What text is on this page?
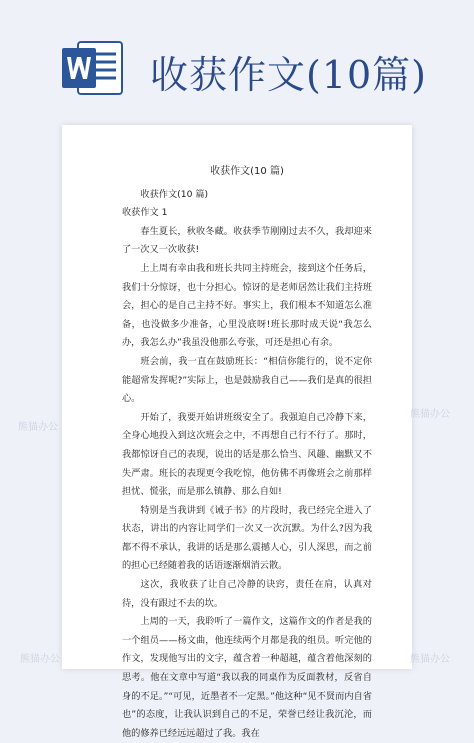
收获作文(10篇)
收获作文(10 篇)
收获作文(10 篇)
收获作文 1

春生夏长，秋收冬藏。收获季节刚刚过去不久，我却迎来了一次又一次收获!

上上周有幸由我和班长共同主持班会，接到这个任务后，我们十分惊讶，也十分担心。惊讶的是老师居然让我们主持班会，担心的是自己主持不好。事实上，我们根本不知道怎么准备，也没做多少准备，心里没底呀!班长那时成天说“我怎么办，我怎么办”我虽没他那么夸张，可还是担心有余。

班会前，我一直在鼓励班长：“相信你能行的，说不定你能超常发挥呢?”实际上，也是鼓励我自己——我们是真的很担心。

开始了，我要开始讲班级安全了。我强迫自己冷静下来，全身心地投入到这次班会之中，不再想自己行不行了。那时，我都惊讶自己的表现，说出的话是那么恰当、风趣、幽默又不失严肃。班长的表现更令我吃惊，他仿佛不再像班会之前那样担忧、慌张，而是那么镇静、那么自如!

特别是当我讲到《诫子书》的片段时，我已经完全进入了状态，讲出的内容让同学们一次又一次沉默。为什么?因为我都不得不承认，我讲的话是那么震撼人心，引人深思，而之前的担心已经随着我的话语逐渐烟消云散。

这次，我收获了让自己冷静的诀窍，责任在肩，认真对待，没有跟过不去的坎。

上周的一天，我聆听了一篇作文，这篇作文的作者是我的一个组员——杨文曲，他连续两个月都是我的组员。听完他的作文，发现他写出的文字，蕴含着一种超越，蕴含着他深刻的思考。他在文章中写道“我以我的同桌作为反面教材，反省自身的不足。”“可见，近墨者不一定黑。”他这种“见不贤而内自省也”的态度，让我认识到自己的不足，荣誉已经让我沉沦，而他的修养已经远远超过了我。我在

熊猫办公
熊猫办公
熊猫办公	熊猫办公
